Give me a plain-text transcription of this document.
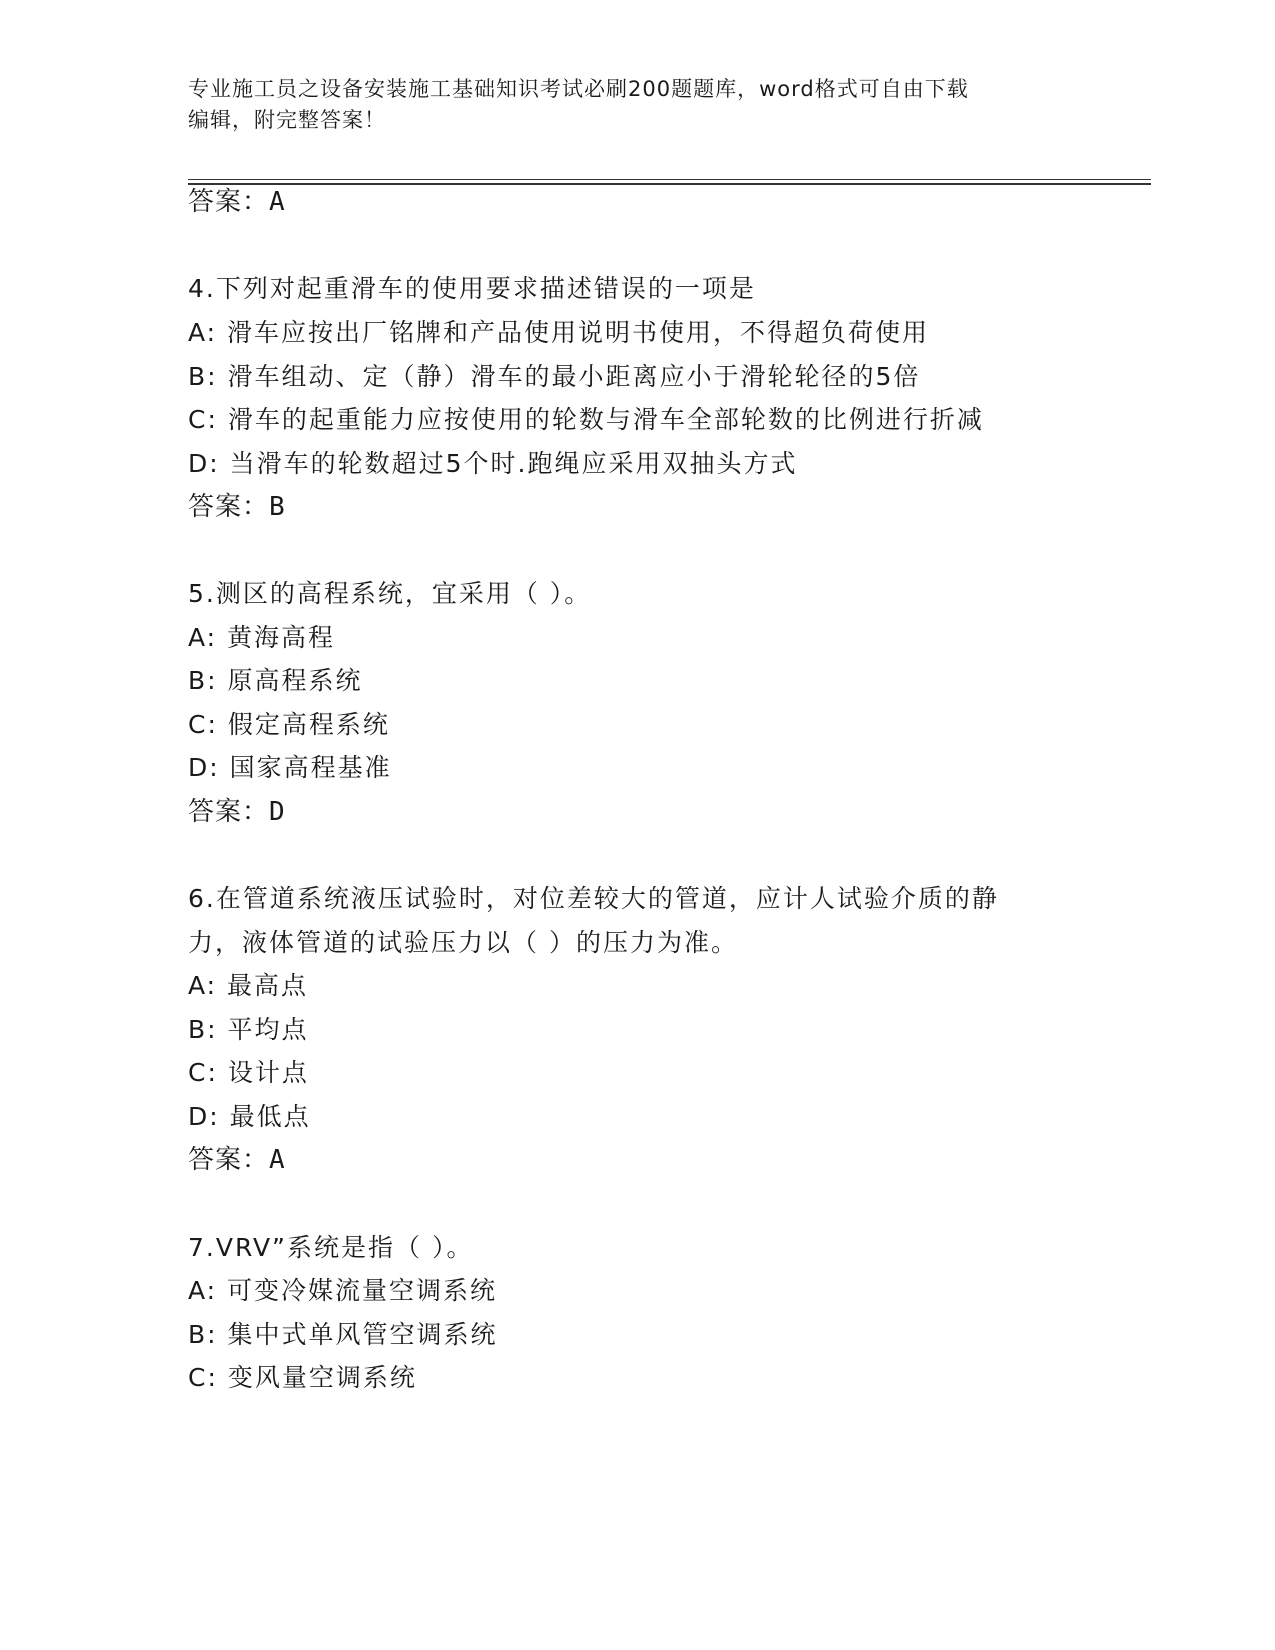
专业施工员之设备安装施工基础知识考试必刷200题题库，word格式可自由下载
编辑，附完整答案！
答案：A
4.下列对起重滑车的使用要求描述错误的一项是
A: 滑车应按出厂铭牌和产品使用说明书使用，不得超负荷使用
B: 滑车组动、定（静）滑车的最小距离应小于滑轮轮径的5倍
C: 滑车的起重能力应按使用的轮数与滑车全部轮数的比例进行折减
D: 当滑车的轮数超过5个时.跑绳应采用双抽头方式
答案：B
5.测区的高程系统，宜采用（ ）。
A: 黄海高程
B: 原高程系统
C: 假定高程系统
D: 国家高程基准
答案：D
6.在管道系统液压试验时，对位差较大的管道，应计人试验介质的静
力，液体管道的试验压力以（ ）的压力为准。
A: 最高点
B: 平均点
C: 设计点
D: 最低点
答案：A
7.VRV”系统是指（ ）。
A: 可变冷媒流量空调系统
B: 集中式单风管空调系统
C: 变风量空调系统
